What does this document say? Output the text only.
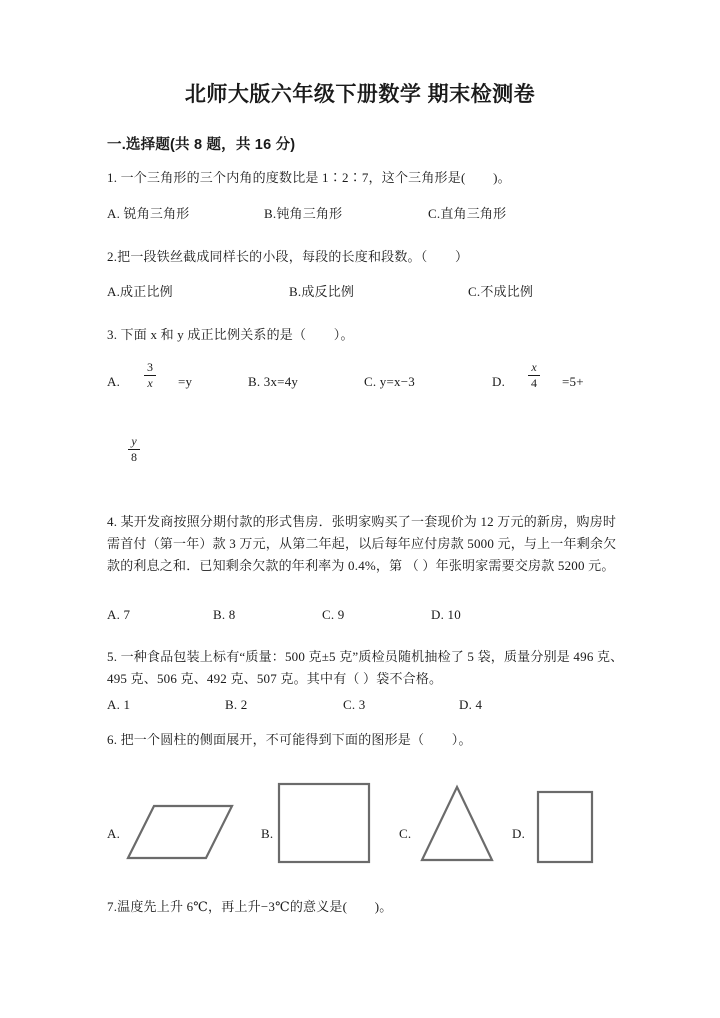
北师大版六年级下册数学 期末检测卷
一.选择题(共 8 题，共 16 分)
1. 一个三角形的三个内角的度数比是 1∶2∶7，这个三角形是(        )。
A. 锐角三角形	B.钝角三角形	C.直角三角形
2.把一段铁丝截成同样长的小段，每段的长度和段数。（        ）
A.成正比例	B.成反比例	C.不成比例
3. 下面 x 和 y 成正比例关系的是（        ）。
A. $\frac{3}{x} =y$	B. 3x=4y	C. y=x−3	D. $\frac{x}{4} =5+$
$\frac{y}{8}$
4. 某开发商按照分期付款的形式售房．张明家购买了一套现价为 12 万元的新房，购房时需首付（第一年）款 3 万元，从第二年起，以后每年应付房款 5000 元，与上一年剩余欠款的利息之和．已知剩余欠款的年利率为 0.4%，第 （ ）年张明家需要交房款 5200 元。
A. 7	B. 8	C. 9	D. 10
5. 一种食品包装上标有“质量：500 克±5 克”质检员随机抽检了 5 袋，质量分别是 496 克、495 克、506 克、492 克、507 克。其中有（ ）袋不合格。
A. 1	B. 2	C. 3	D. 4
6. 把一个圆柱的侧面展开，不可能得到下面的图形是（        ）。
A.	B.	C.	D.
7.温度先上升 6℃，再上升−3℃的意义是(        )。
